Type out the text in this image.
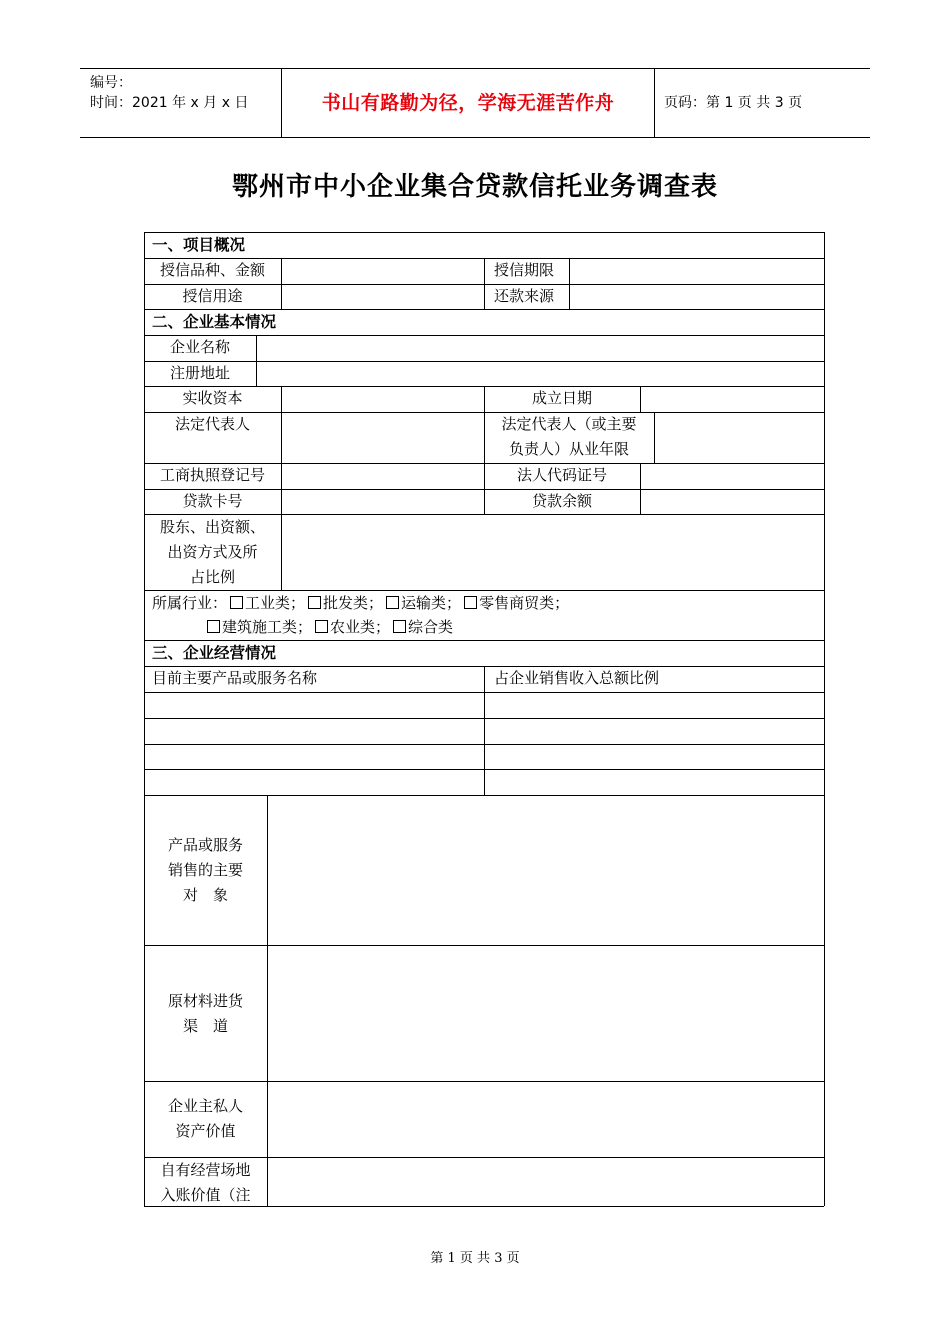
编号：
时间：2021 年 x 月 x 日	书山有路勤为径，学海无涯苦作舟	页码：第 1 页 共 3 页
鄂州市中小企业集合贷款信托业务调查表
一、项目概况
授信品种、金额	授信期限
授信用途	还款来源
二、企业基本情况
企业名称
注册地址
实收资本	成立日期
法定代表人	法定代表人（或主要
负责人）从业年限
工商执照登记号	法人代码证号
贷款卡号	贷款余额
股东、出资额、
出资方式及所
占比例
所属行业： 工业类； 批发类； 运输类； 零售商贸类；
建筑施工类； 农业类； 综合类
三、企业经营情况
目前主要产品或服务名称	占企业销售收入总额比例
产品或服务
销售的主要
对　象
原材料进货
渠　道
企业主私人
资产价值
自有经营场地
入账价值（注
第 1 页 共 3 页
